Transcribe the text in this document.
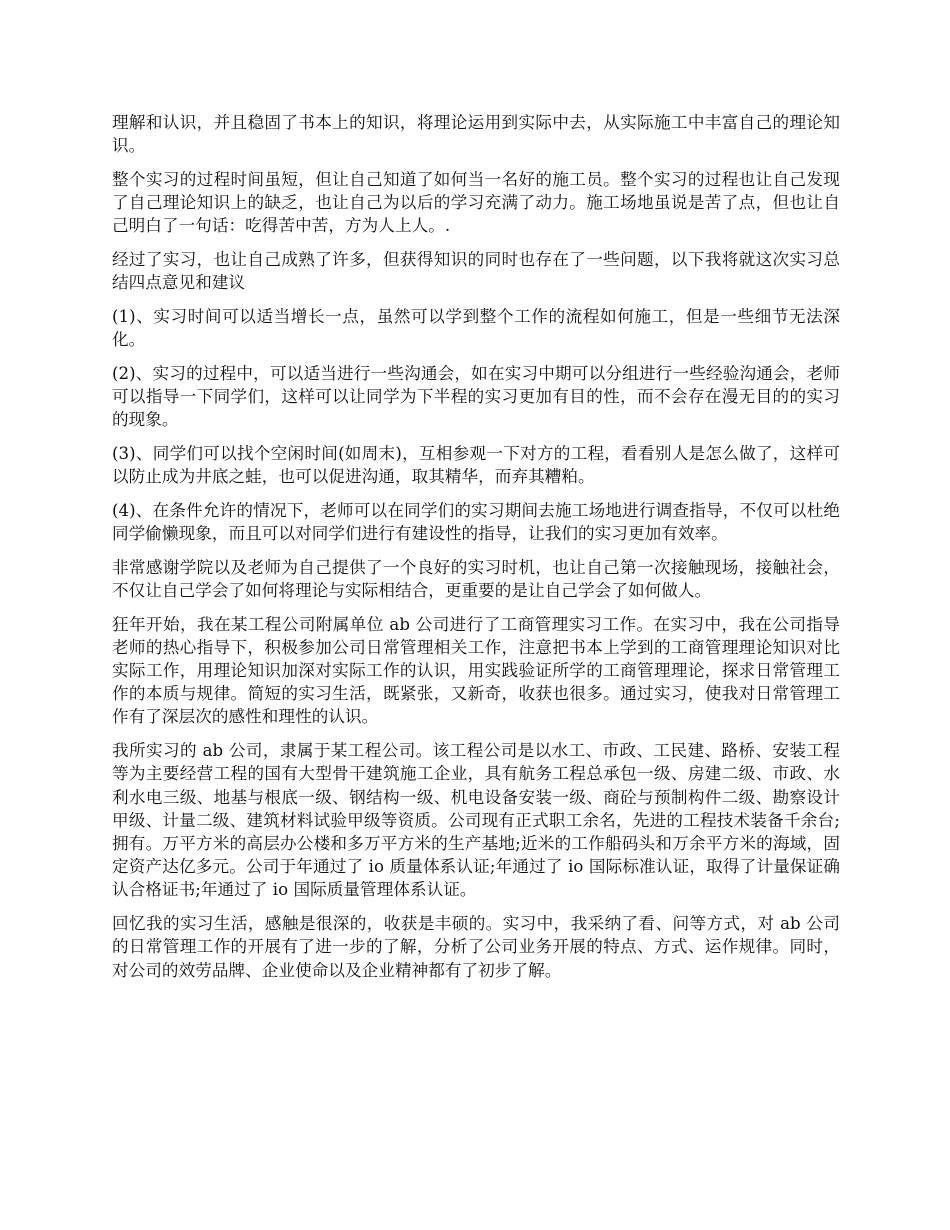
理解和认识，并且稳固了书本上的知识，将理论运用到实际中去，从实际施工中丰富自己的理论知识。

整个实习的过程时间虽短，但让自己知道了如何当一名好的施工员。整个实习的过程也让自己发现了自己理论知识上的缺乏，也让自己为以后的学习充满了动力。施工场地虽说是苦了点，但也让自己明白了一句话：吃得苦中苦，方为人上人。.

经过了实习，也让自己成熟了许多，但获得知识的同时也存在了一些问题，以下我将就这次实习总结四点意见和建议

(1)、实习时间可以适当增长一点，虽然可以学到整个工作的流程如何施工，但是一些细节无法深化。

(2)、实习的过程中，可以适当进行一些沟通会，如在实习中期可以分组进行一些经验沟通会，老师可以指导一下同学们，这样可以让同学为下半程的实习更加有目的性，而不会存在漫无目的的实习的现象。

(3)、同学们可以找个空闲时间(如周末)，互相参观一下对方的工程，看看别人是怎么做了，这样可以防止成为井底之蛙，也可以促进沟通，取其精华，而弃其糟粕。

(4)、在条件允许的情况下，老师可以在同学们的实习期间去施工场地进行调查指导，不仅可以杜绝同学偷懒现象，而且可以对同学们进行有建设性的指导，让我们的实习更加有效率。

非常感谢学院以及老师为自己提供了一个良好的实习时机，也让自己第一次接触现场，接触社会，不仅让自己学会了如何将理论与实际相结合，更重要的是让自己学会了如何做人。

狂年开始，我在某工程公司附属单位 ab 公司进行了工商管理实习工作。在实习中，我在公司指导老师的热心指导下，积极参加公司日常管理相关工作，注意把书本上学到的工商管理理论知识对比实际工作，用理论知识加深对实际工作的认识，用实践验证所学的工商管理理论，探求日常管理工作的本质与规律。简短的实习生活，既紧张，又新奇，收获也很多。通过实习，使我对日常管理工作有了深层次的感性和理性的认识。

我所实习的 ab 公司，隶属于某工程公司。该工程公司是以水工、市政、工民建、路桥、安装工程等为主要经营工程的国有大型骨干建筑施工企业，具有航务工程总承包一级、房建二级、市政、水利水电三级、地基与根底一级、钢结构一级、机电设备安装一级、商砼与预制构件二级、勘察设计甲级、计量二级、建筑材料试验甲级等资质。公司现有正式职工余名，先进的工程技术装备千余台;拥有。万平方米的高层办公楼和多万平方米的生产基地;近米的工作船码头和万余平方米的海域，固定资产达亿多元。公司于年通过了 io 质量体系认证;年通过了 io 国际标准认证，取得了计量保证确认合格证书;年通过了 io 国际质量管理体系认证。

回忆我的实习生活，感触是很深的，收获是丰硕的。实习中，我采纳了看、问等方式，对 ab 公司的日常管理工作的开展有了进一步的了解，分析了公司业务开展的特点、方式、运作规律。同时，对公司的效劳品牌、企业使命以及企业精神都有了初步了解。
